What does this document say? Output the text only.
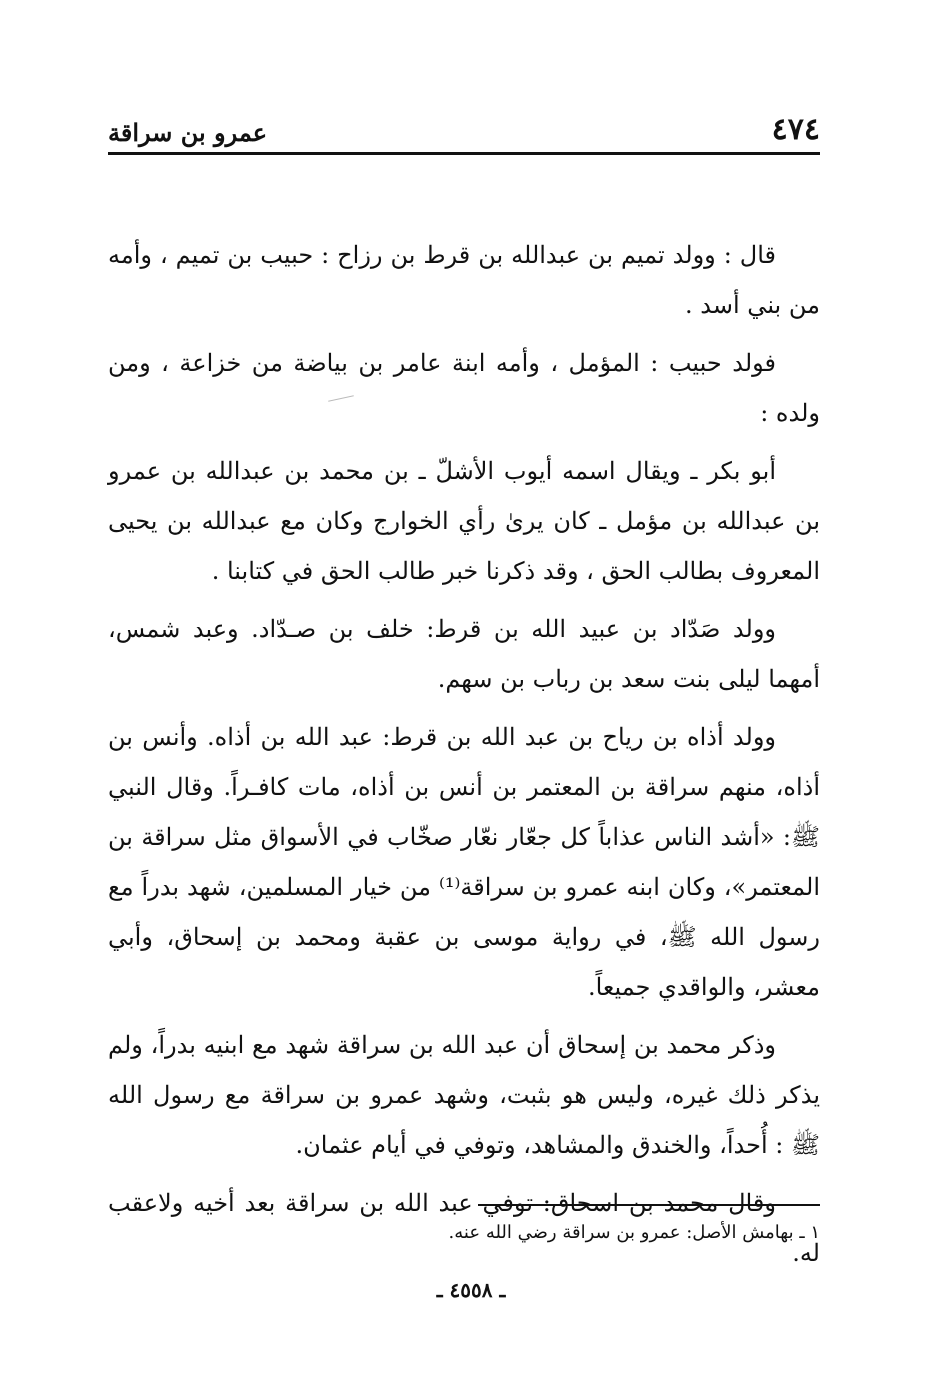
٤٧٤
عمرو بن سراقة

قال : وولد تميم بن عبدالله بن قرط بن رزاح : حبيب بن تميم ، وأمه من بني أسد .

فولد حبيب : المؤمل ، وأمه ابنة عامر بن بياضة من خزاعة ، ومن ولده :

أبو بكر ـ ويقال اسمه أيوب الأشلّ ـ بن محمد بن عبدالله بن عمرو بن عبدالله بن مؤمل ـ كان يرىٰ رأي الخوارج وكان مع عبدالله بن يحيى المعروف بطالب الحق ، وقد ذكرنا خبر طالب الحق في كتابنا .

وولد صَدّاد بن عبيد الله بن قرط: خلف بن صـدّاد. وعبد شمس، أمهما ليلى بنت سعد بن رباب بن سهم.

وولد أذاه بن رياح بن عبد الله بن قرط: عبد الله بن أذاه. وأنس بن أذاه، منهم سراقة بن المعتمر بن أنس بن أذاه، مات كافـراً. وقال النبي ﷺ: «أشد الناس عذاباً كل جعّار نعّار صخّاب في الأسواق مثل سراقة بن المعتمر»، وكان ابنه عمرو بن سراقة⁽¹⁾ من خيار المسلمين، شهد بدراً مع رسول الله ﷺ، في رواية موسى بن عقبة ومحمد بن إسحاق، وأبي معشر، والواقدي جميعاً.

وذكر محمد بن إسحاق أن عبد الله بن سراقة شهد مع ابنيه بدراً، ولم يذكر ذلك غيره، وليس هو بثبت، وشهد عمرو بن سراقة مع رسول الله ﷺ : أُحداً، والخندق والمشاهد، وتوفي في أيام عثمان.

وقال محمد بن اسحاق: توفي عبد الله بن سراقة بعد أخيه ولاعقب له.

١ ـ بهامش الأصل: عمرو بن سراقة رضي الله عنه.
ـ ٤٥٥٨ ـ
